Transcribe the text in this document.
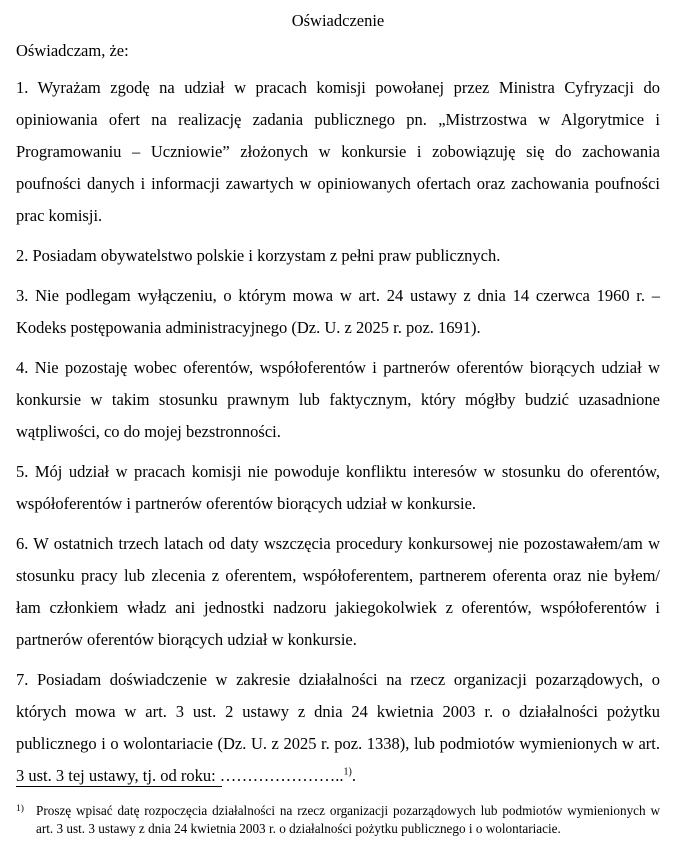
Oświadczenie

Oświadczam, że:

1. Wyrażam zgodę na udział w pracach komisji powołanej przez Ministra Cyfryzacji do opiniowania ofert na realizację zadania publicznego pn. „Mistrzostwa w Algorytmice i Programowaniu – Uczniowie” złożonych w konkursie i zobowiązuję się do zachowania poufności danych i informacji zawartych w opiniowanych ofertach oraz zachowania poufności prac komisji.

2. Posiadam obywatelstwo polskie i korzystam z pełni praw publicznych.

3. Nie podlegam wyłączeniu, o którym mowa w art. 24 ustawy z dnia 14 czerwca 1960 r. – Kodeks postępowania administracyjnego (Dz. U. z 2025 r. poz. 1691).

4. Nie pozostaję wobec oferentów, współoferentów i partnerów oferentów biorących udział w konkursie w takim stosunku prawnym lub faktycznym, który mógłby budzić uzasadnione wątpliwości, co do mojej bezstronności.

5. Mój udział w pracach komisji nie powoduje konfliktu interesów w stosunku do oferentów, współoferentów i partnerów oferentów biorących udział w konkursie.

6. W ostatnich trzech latach od daty wszczęcia procedury konkursowej nie pozostawałem/am w stosunku pracy lub zlecenia z oferentem, współoferentem, partnerem oferenta oraz nie byłem/łam członkiem władz ani jednostki nadzoru jakiegokolwiek z oferentów, współoferentów i partnerów oferentów biorących udział w konkursie.

7. Posiadam doświadczenie w zakresie działalności na rzecz organizacji pozarządowych, o których mowa w art. 3 ust. 2 ustawy z dnia 24 kwietnia 2003 r. o działalności pożytku publicznego i o wolontariacie (Dz. U. z 2025 r. poz. 1338), lub podmiotów wymienionych w art. 3 ust. 3 tej ustawy, tj. od roku: …………………..$^{1)}$.

1) Proszę wpisać datę rozpoczęcia działalności na rzecz organizacji pozarządowych lub podmiotów wymienionych w art. 3 ust. 3 ustawy z dnia 24 kwietnia 2003 r. o działalności pożytku publicznego i o wolontariacie.
